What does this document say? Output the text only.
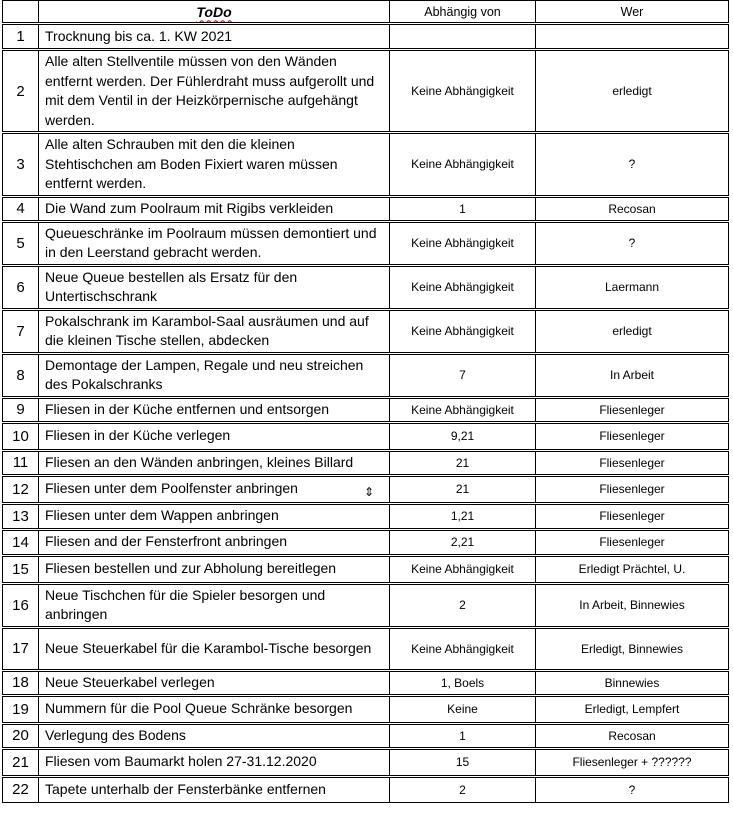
	ToDo	Abhängig von	Wer
1	Trocknung bis ca. 1. KW 2021		
2	Alle alten Stellventile müssen von den Wänden entfernt werden. Der Fühlerdraht muss aufgerollt und mit dem Ventil in der Heizkörpernische aufgehängt werden.	Keine Abhängigkeit	erledigt
3	Alle alten Schrauben mit den die kleinen Stehtischchen am Boden Fixiert waren müssen entfernt werden.	Keine Abhängigkeit	?
4	Die Wand zum Poolraum mit Rigibs verkleiden	1	Recosan
5	Queueschränke im Poolraum müssen demontiert und in den Leerstand gebracht werden.	Keine Abhängigkeit	?
6	Neue Queue bestellen als Ersatz für den Untertischschrank	Keine Abhängigkeit	Laermann
7	Pokalschrank im Karambol-Saal ausräumen und auf die kleinen Tische stellen, abdecken	Keine Abhängigkeit	erledigt
8	Demontage der Lampen, Regale und neu streichen des Pokalschranks	7	In Arbeit
9	Fliesen in der Küche entfernen und entsorgen	Keine Abhängigkeit	Fliesenleger
10	Fliesen in der Küche verlegen	9,21	Fliesenleger
11	Fliesen an den Wänden anbringen, kleines Billard	21	Fliesenleger
12	Fliesen unter dem Poolfenster anbringen	21	Fliesenleger
13	Fliesen unter dem Wappen anbringen	1,21	Fliesenleger
14	Fliesen and der Fensterfront anbringen	2,21	Fliesenleger
15	Fliesen bestellen und zur Abholung bereitlegen	Keine Abhängigkeit	Erledigt Prächtel, U.
16	Neue Tischchen für die Spieler besorgen und anbringen	2	In Arbeit, Binnewies
17	Neue Steuerkabel für die Karambol-Tische besorgen	Keine Abhängigkeit	Erledigt, Binnewies
18	Neue Steuerkabel verlegen	1, Boels	Binnewies
19	Nummern für die Pool Queue Schränke besorgen	Keine	Erledigt, Lempfert
20	Verlegung des Bodens	1	Recosan
21	Fliesen vom Baumarkt holen 27-31.12.2020	15	Fliesenleger + ??????
22	Tapete unterhalb der Fensterbänke entfernen	2	?
⇕
